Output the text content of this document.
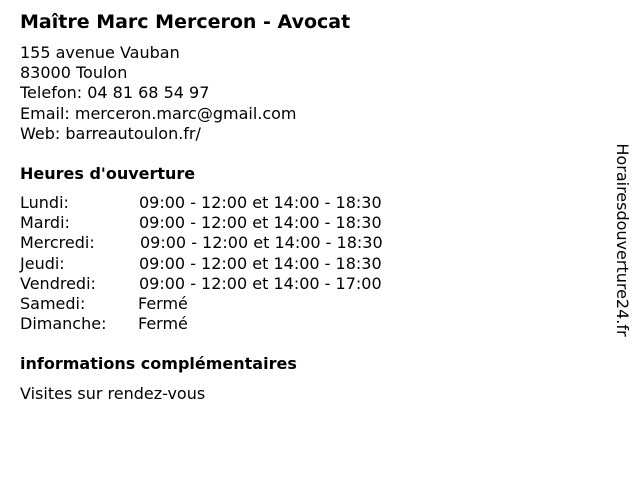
Maître Marc Merceron - Avocat
155 avenue Vauban
83000 Toulon
Telefon: 04 81 68 54 97
Email: merceron.marc@gmail.com
Web: barreautoulon.fr/
Heures d'ouverture
Lundi:	09:00 - 12:00 et 14:00 - 18:30
Mardi:	09:00 - 12:00 et 14:00 - 18:30
Mercredi:	09:00 - 12:00 et 14:00 - 18:30
Jeudi:	09:00 - 12:00 et 14:00 - 18:30
Vendredi:	09:00 - 12:00 et 14:00 - 17:00
Samedi:	Fermé
Dimanche: Fermé
informations complémentaires
Visites sur rendez-vous
Horairesdouverture24.fr
